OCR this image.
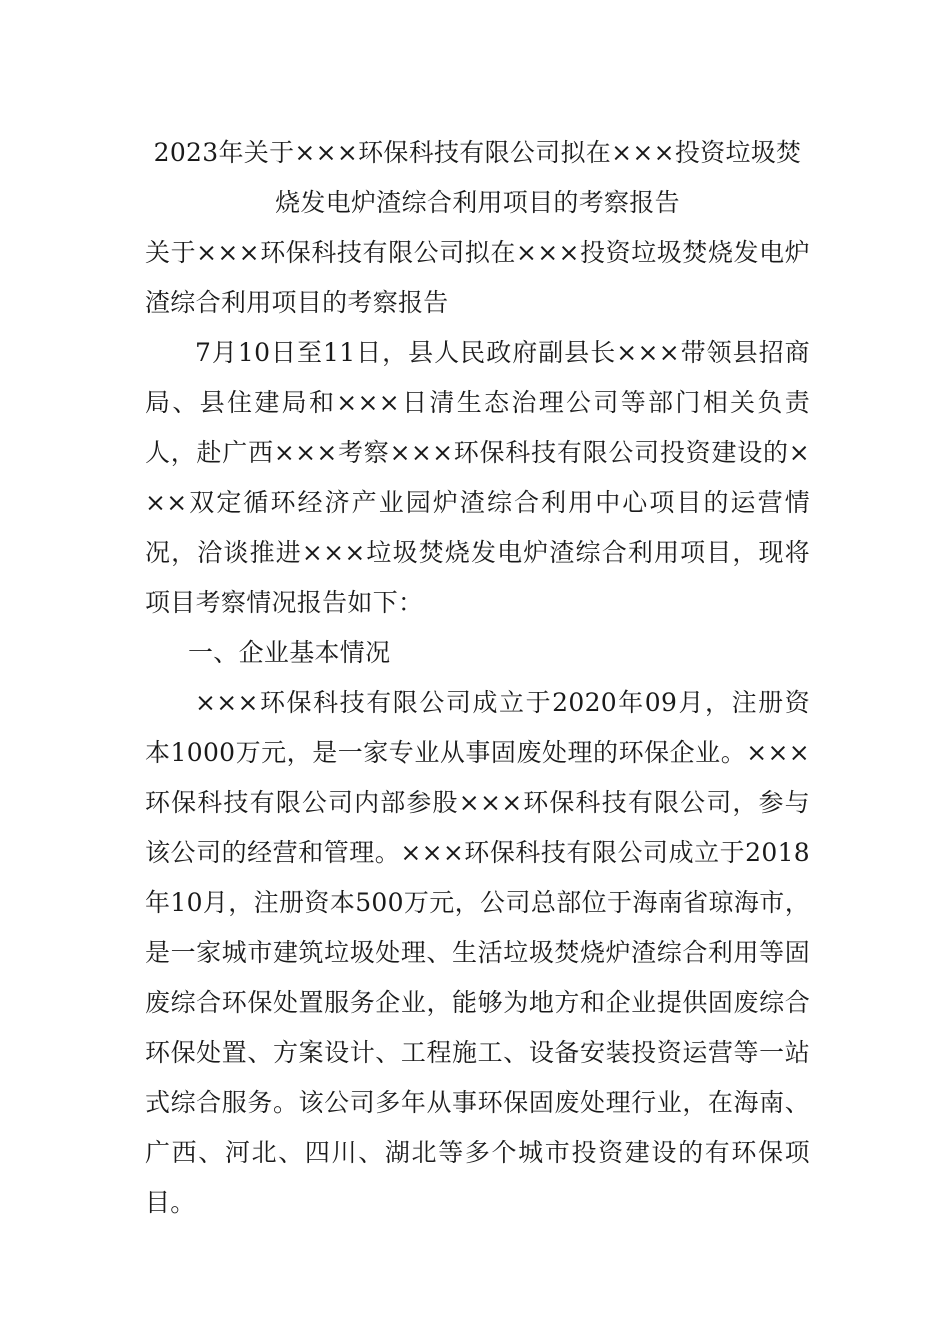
2023年关于×××环保科技有限公司拟在×××投资垃圾焚
烧发电炉渣综合利用项目的考察报告

关于×××环保科技有限公司拟在×××投资垃圾焚烧发电炉渣综合利用项目的考察报告

7月10日至11日，县人民政府副县长×××带领县招商局、县住建局和×××日清生态治理公司等部门相关负责人，赴广西×××考察×××环保科技有限公司投资建设的×××双定循环经济产业园炉渣综合利用中心项目的运营情况，洽谈推进×××垃圾焚烧发电炉渣综合利用项目，现将项目考察情况报告如下：

一、企业基本情况

×××环保科技有限公司成立于2020年09月，注册资本1000万元，是一家专业从事固废处理的环保企业。×××环保科技有限公司内部参股×××环保科技有限公司，参与该公司的经营和管理。×××环保科技有限公司成立于2018年10月，注册资本500万元，公司总部位于海南省琼海市，是一家城市建筑垃圾处理、生活垃圾焚烧炉渣综合利用等固废综合环保处置服务企业，能够为地方和企业提供固废综合环保处置、方案设计、工程施工、设备安装投资运营等一站式综合服务。该公司多年从事环保固废处理行业，在海南、广西、河北、四川、湖北等多个城市投资建设的有环保项目。
